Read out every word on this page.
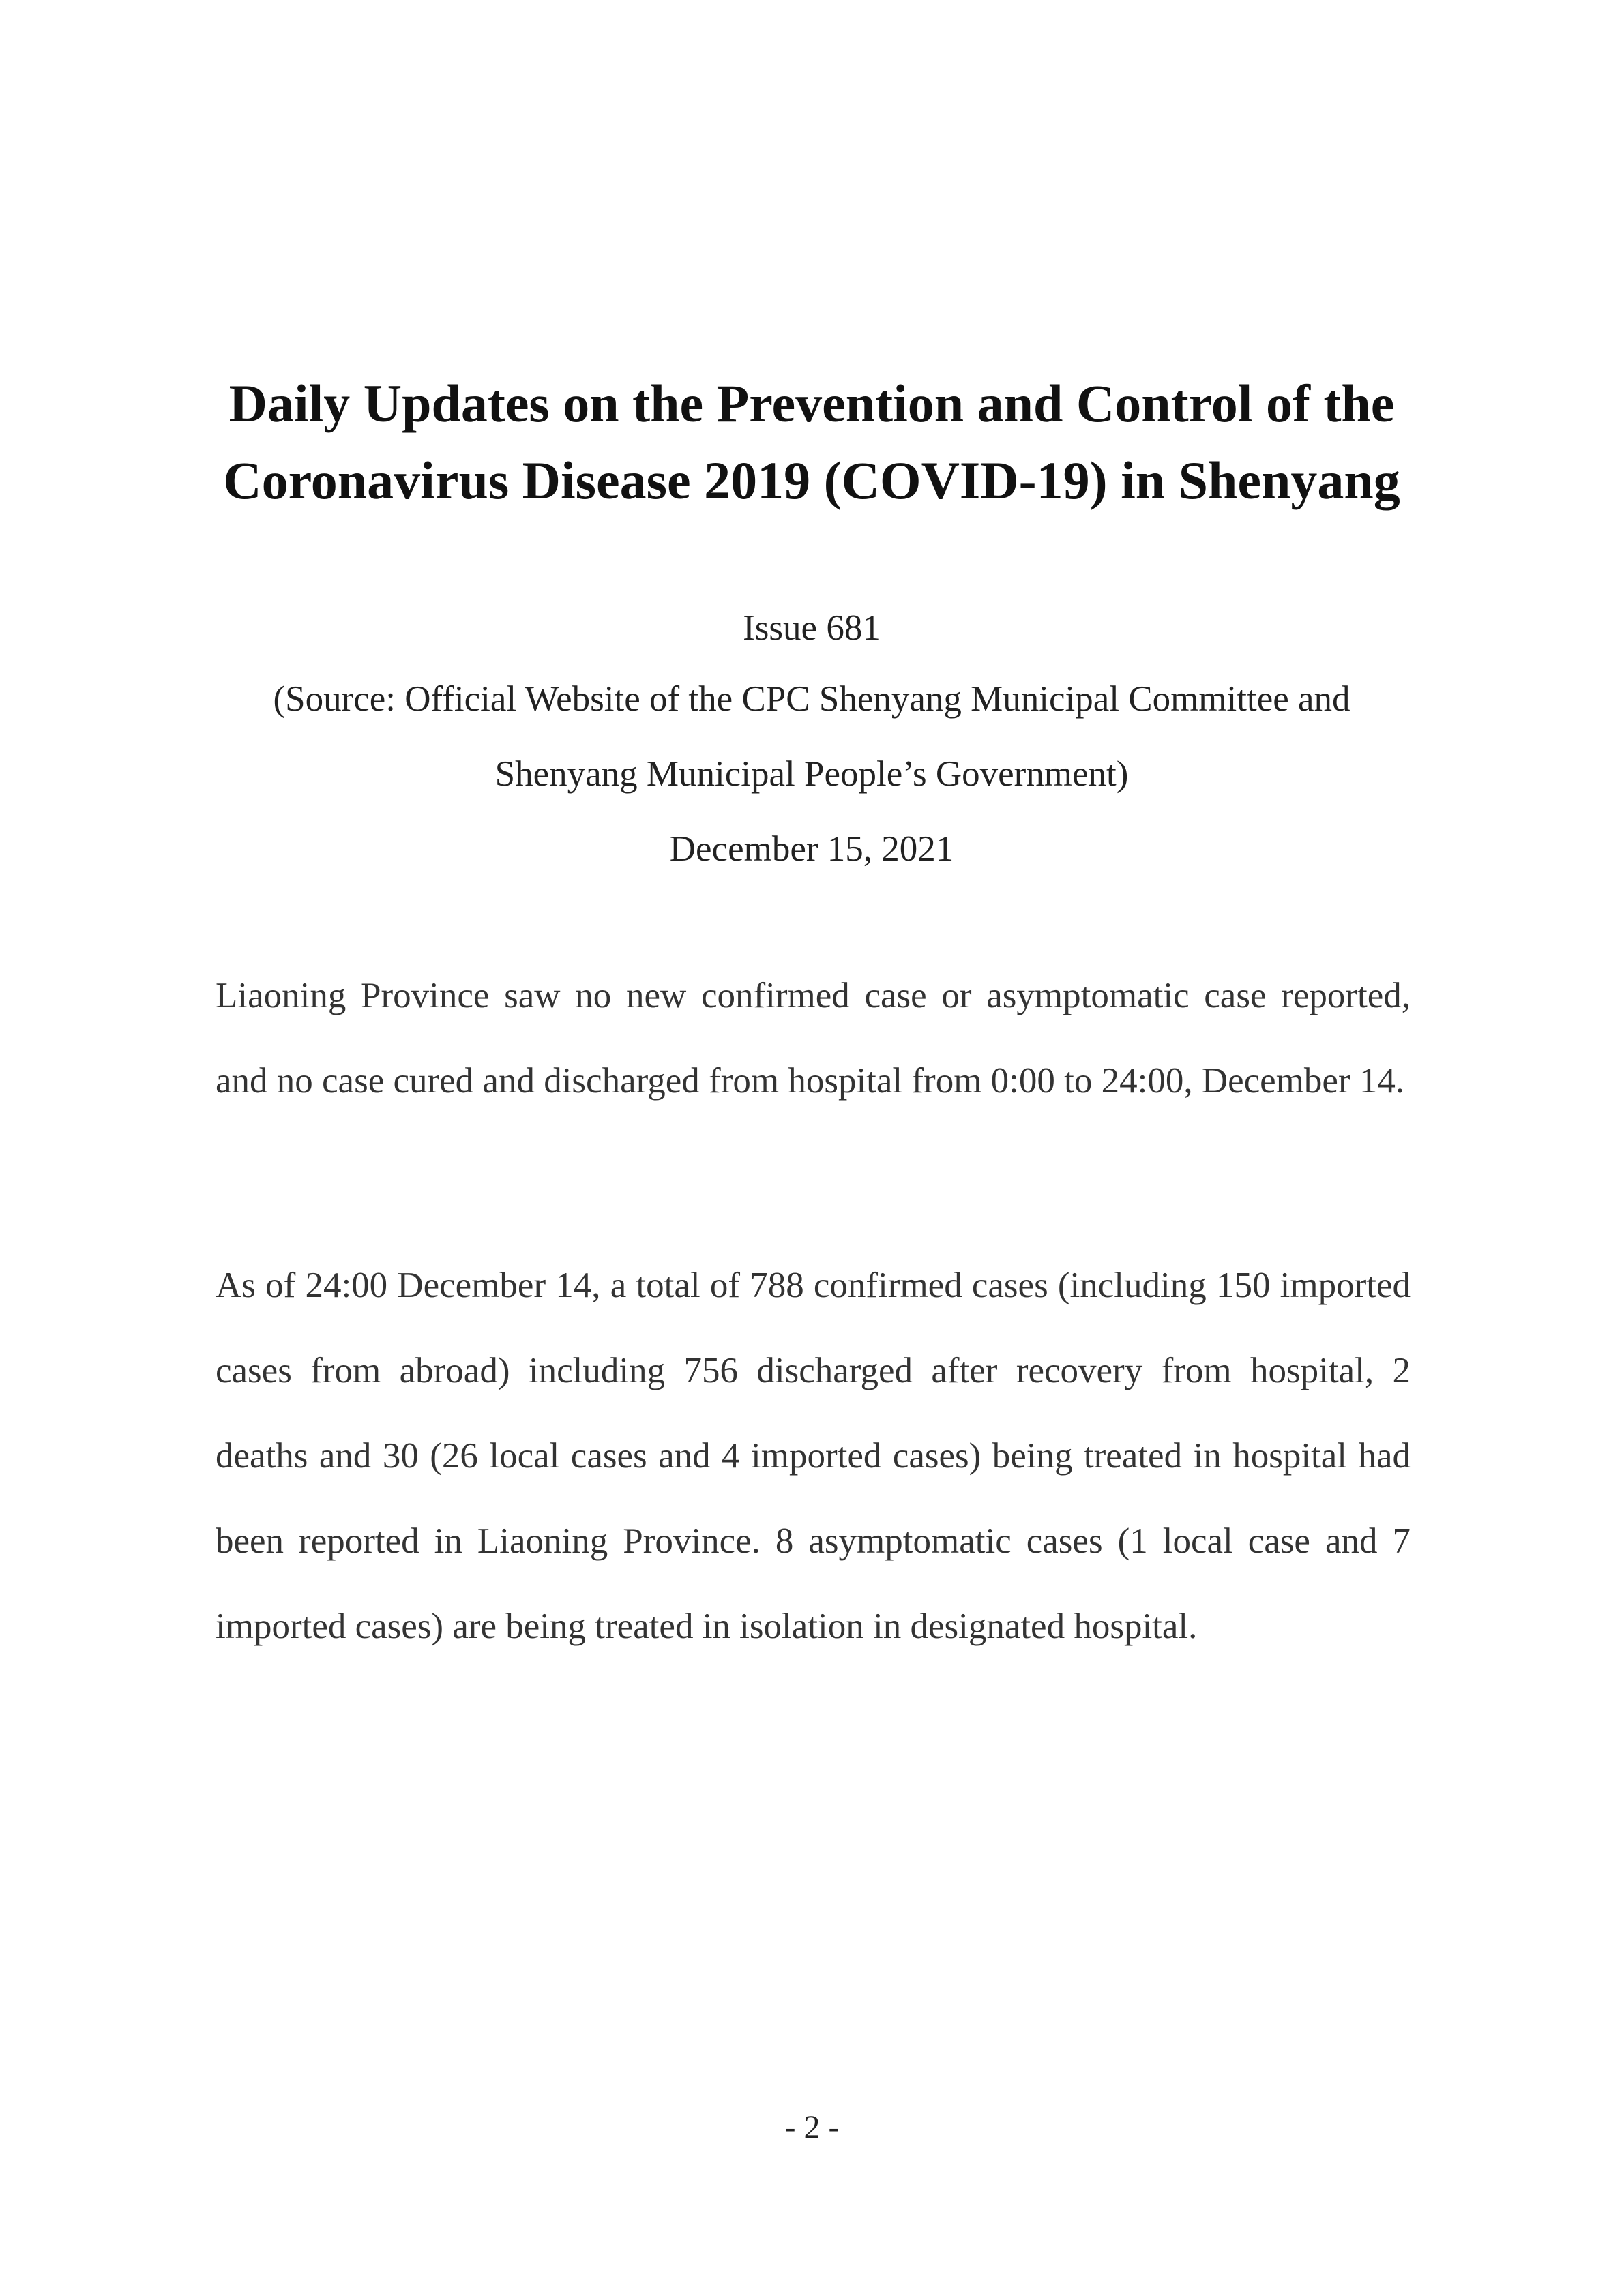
Daily Updates on the Prevention and Control of the Coronavirus Disease 2019 (COVID-19) in Shenyang

Issue 681

(Source: Official Website of the CPC Shenyang Municipal Committee and

Shenyang Municipal People’s Government)

December 15, 2021

Liaoning Province saw no new confirmed case or asymptomatic case reported, and no case cured and discharged from hospital from 0:00 to 24:00, December 14.

As of 24:00 December 14, a total of 788 confirmed cases (including 150 imported cases from abroad) including 756 discharged after recovery from hospital, 2 deaths and 30 (26 local cases and 4 imported cases) being treated in hospital had been reported in Liaoning Province. 8 asymptomatic cases (1 local case and 7 imported cases) are being treated in isolation in designated hospital.

- 2 -
